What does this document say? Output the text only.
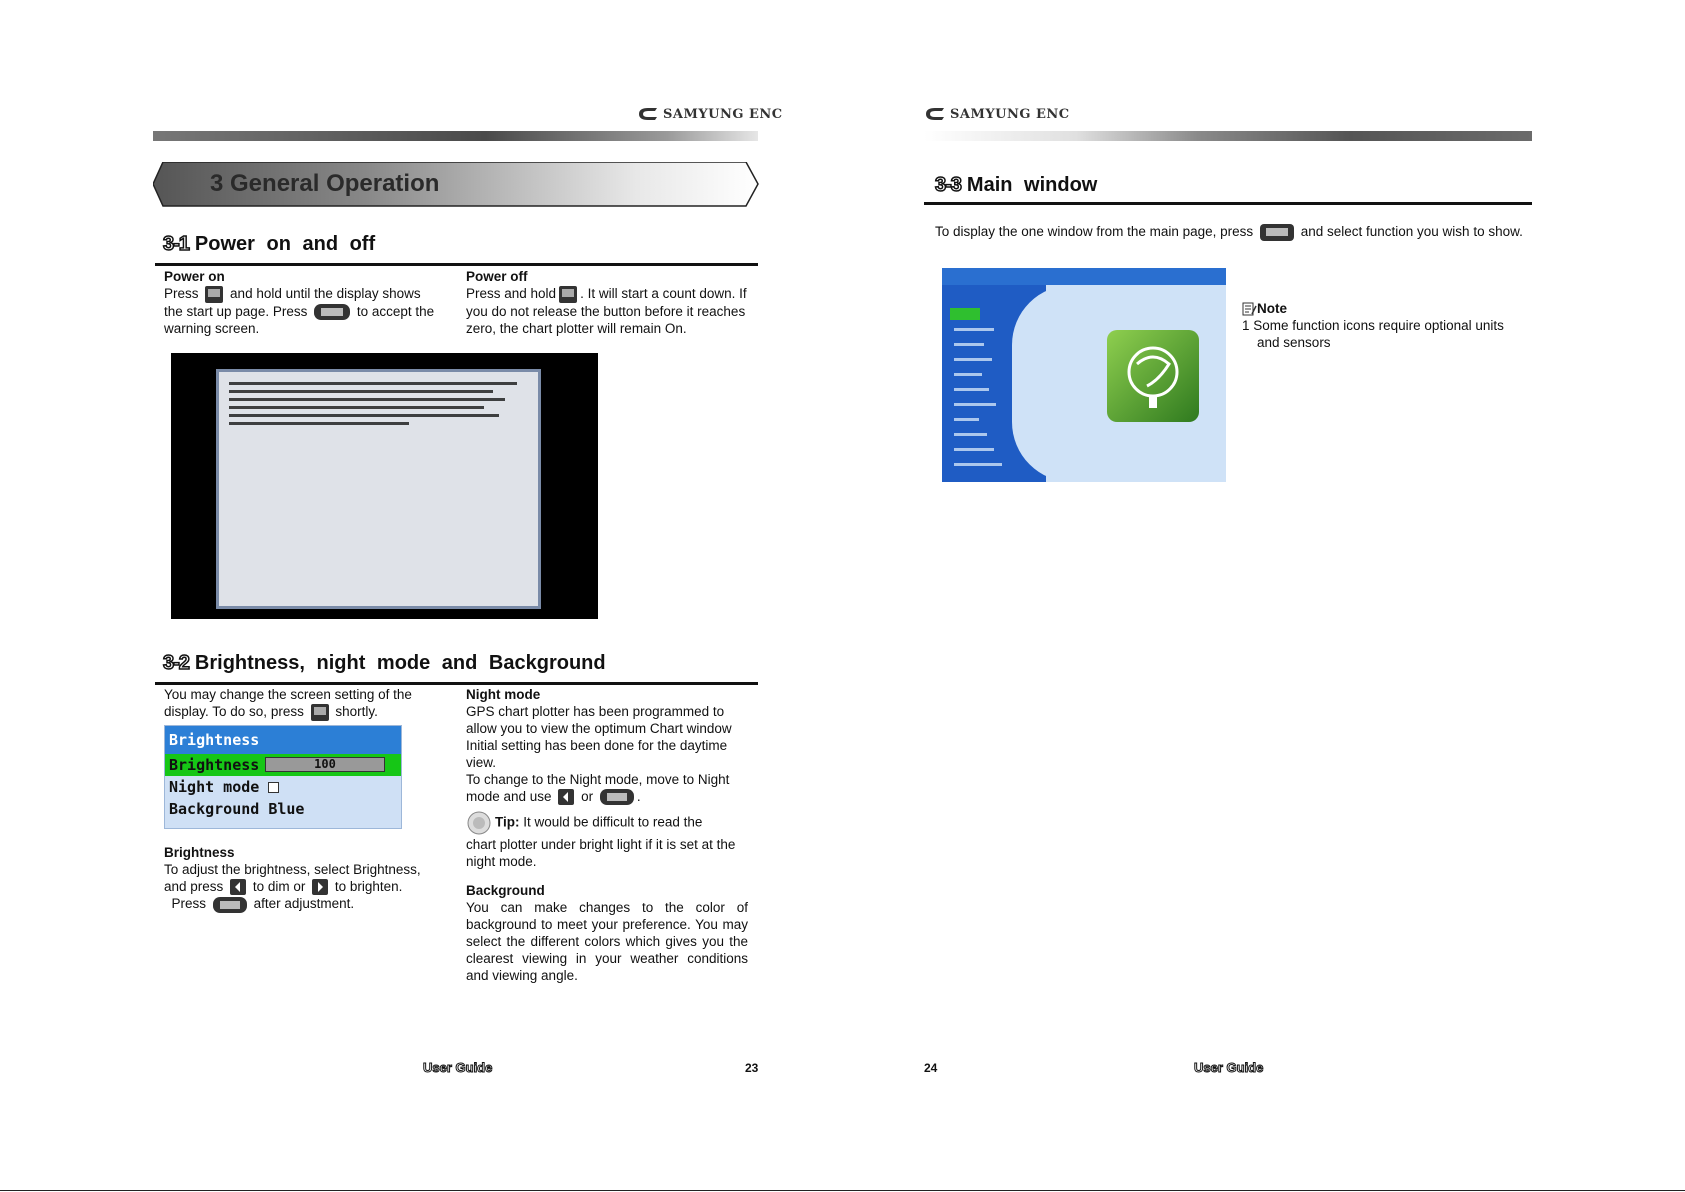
SAMYUNG ENC
3 General Operation
3-1 Power on and off
Power on
Press and hold until the display shows the start up page. Press	to accept the warning screen.
Power off
Press and hold . It will start a count down. If you do not release the button before it reaches zero, the chart plotter will remain On.
3-2 Brightness, night mode and Background
You may change the screen setting of the display. To do so, press shortly.
Brightness
Brightness	100
Night mode
Background Blue
Brightness
To adjust the brightness, select Brightness, and press to dim or to brighten.
Press	after adjustment.
Night mode
GPS chart plotter has been programmed to allow you to view the optimum Chart window Initial setting has been done for the daytime view.
To change to the Night mode, move to Night mode and use or	.
Tip: It would be difficult to read the
chart plotter under bright light if it is set at the night mode.
Background
You can make changes to the color of background to meet your preference. You may select the different colors which gives you the clearest viewing in your weather conditions and viewing angle.
User Guide	23
SAMYUNG ENC
3-3 Main window
To display the one window from the main page, press	and select function you wish to show.
Note
1 Some function icons require optional units
and sensors
User Guide
24
